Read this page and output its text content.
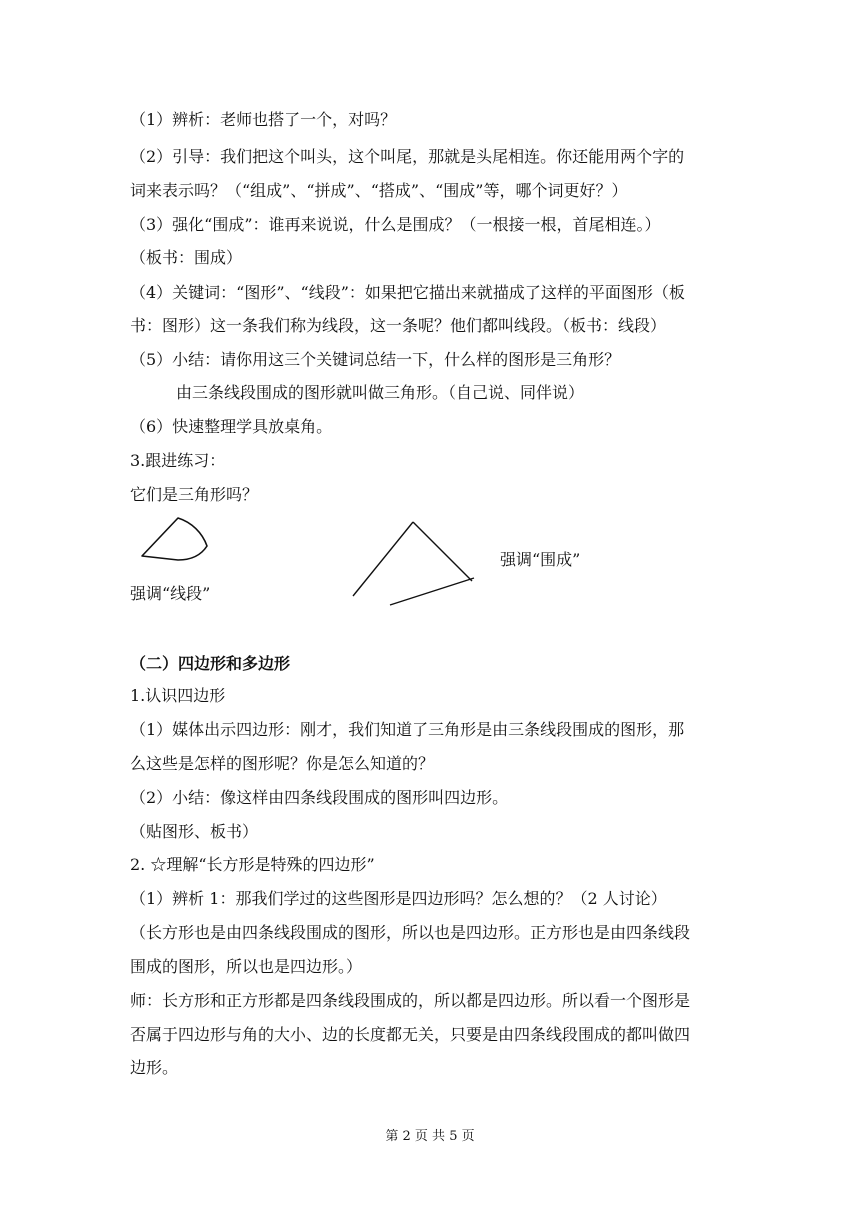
（1）辨析：老师也搭了一个，对吗？
（2）引导：我们把这个叫头，这个叫尾，那就是头尾相连。你还能用两个字的
词来表示吗？（“组成”、“拼成”、“搭成”、“围成”等，哪个词更好？）
（3）强化“围成”：谁再来说说，什么是围成？（一根接一根，首尾相连。）
（板书：围成）
（4）关键词：“图形”、“线段”：如果把它描出来就描成了这样的平面图形（板
书：图形）这一条我们称为线段，这一条呢？他们都叫线段。（板书：线段）
（5）小结：请你用这三个关键词总结一下，什么样的图形是三角形？
由三条线段围成的图形就叫做三角形。（自己说、同伴说）
（6）快速整理学具放桌角。
3.跟进练习：
它们是三角形吗？
强调“线段”
强调“围成”
（二）四边形和多边形
1.认识四边形
（1）媒体出示四边形：刚才，我们知道了三角形是由三条线段围成的图形，那
么这些是怎样的图形呢？你是怎么知道的？
（2）小结：像这样由四条线段围成的图形叫四边形。
（贴图形、板书）
2. ☆理解“长方形是特殊的四边形”
（1）辨析 1：那我们学过的这些图形是四边形吗？怎么想的？（2 人讨论）
（长方形也是由四条线段围成的图形，所以也是四边形。正方形也是由四条线段
围成的图形，所以也是四边形。）
师：长方形和正方形都是四条线段围成的，所以都是四边形。所以看一个图形是
否属于四边形与角的大小、边的长度都无关，只要是由四条线段围成的都叫做四
边形。
第 2 页 共 5 页
